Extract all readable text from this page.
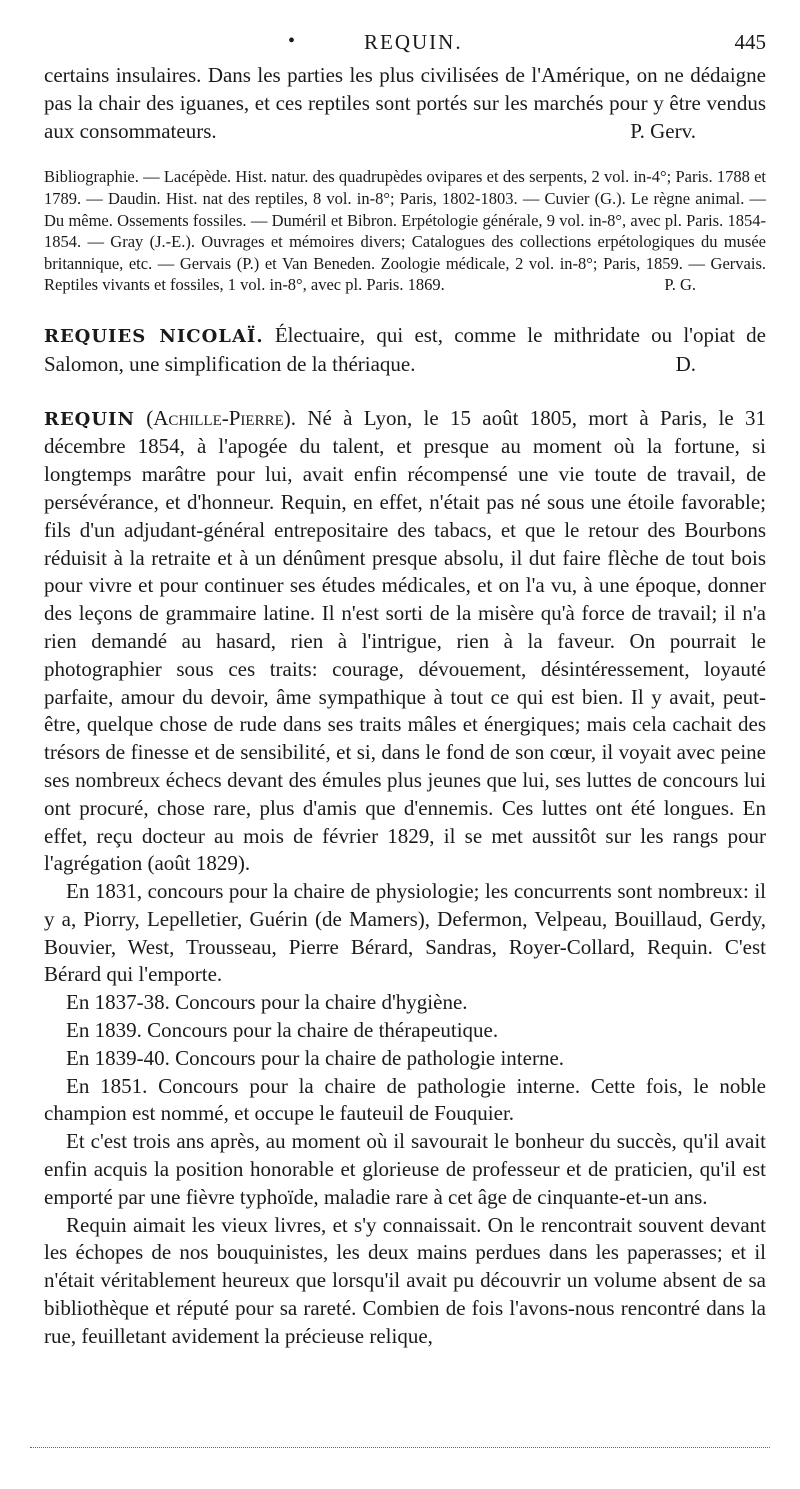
•	REQUIN.	445

certains insulaires. Dans les parties les plus civilisées de l'Amérique, on ne dédaigne pas la chair des iguanes, et ces reptiles sont portés sur les marchés pour y être vendus aux consommateurs.	P. Gerv.

Bibliographie. — Lacépède. Hist. natur. des quadrupèdes ovipares et des serpents, 2 vol. in-4°; Paris. 1788 et 1789. — Daudin. Hist. nat des reptiles, 8 vol. in-8°; Paris, 1802-1803. — Cuvier (G.). Le règne animal. — Du même. Ossements fossiles. — Duméril et Bibron. Erpétologie générale, 9 vol. in-8°, avec pl. Paris. 1854-1854. — Gray (J.-E.). Ouvrages et mémoires divers; Catalogues des collections erpétologiques du musée britannique, etc. — Gervais (P.) et Van Beneden. Zoologie médicale, 2 vol. in-8°; Paris, 1859. — Gervais. Reptiles vivants et fossiles, 1 vol. in-8°, avec pl. Paris. 1869.	P. G.

REQUIES NICOLAÏ. Électuaire, qui est, comme le mithridate ou l'opiat de Salomon, une simplification de la thériaque.	D.

REQUIN (Achille-Pierre). Né à Lyon, le 15 août 1805, mort à Paris, le 31 décembre 1854, à l'apogée du talent, et presque au moment où la fortune, si longtemps marâtre pour lui, avait enfin récompensé une vie toute de travail, de persévérance, et d'honneur. Requin, en effet, n'était pas né sous une étoile favorable; fils d'un adjudant-général entrepositaire des tabacs, et que le retour des Bourbons réduisit à la retraite et à un dénûment presque absolu, il dut faire flèche de tout bois pour vivre et pour continuer ses études médicales, et on l'a vu, à une époque, donner des leçons de grammaire latine. Il n'est sorti de la misère qu'à force de travail; il n'a rien demandé au hasard, rien à l'intrigue, rien à la faveur. On pourrait le photographier sous ces traits: courage, dévouement, désintéressement, loyauté parfaite, amour du devoir, âme sympathique à tout ce qui est bien. Il y avait, peut-être, quelque chose de rude dans ses traits mâles et énergiques; mais cela cachait des trésors de finesse et de sensibilité, et si, dans le fond de son cœur, il voyait avec peine ses nombreux échecs devant des émules plus jeunes que lui, ses luttes de concours lui ont procuré, chose rare, plus d'amis que d'ennemis. Ces luttes ont été longues. En effet, reçu docteur au mois de février 1829, il se met aussitôt sur les rangs pour l'agrégation (août 1829).

En 1831, concours pour la chaire de physiologie; les concurrents sont nombreux: il y a, Piorry, Lepelletier, Guérin (de Mamers), Defermon, Velpeau, Bouillaud, Gerdy, Bouvier, West, Trousseau, Pierre Bérard, Sandras, Royer-Collard, Requin. C'est Bérard qui l'emporte.

En 1837-38. Concours pour la chaire d'hygiène.

En 1839. Concours pour la chaire de thérapeutique.

En 1839-40. Concours pour la chaire de pathologie interne.

En 1851. Concours pour la chaire de pathologie interne. Cette fois, le noble champion est nommé, et occupe le fauteuil de Fouquier.

Et c'est trois ans après, au moment où il savourait le bonheur du succès, qu'il avait enfin acquis la position honorable et glorieuse de professeur et de praticien, qu'il est emporté par une fièvre typhoïde, maladie rare à cet âge de cinquante-et-un ans.

Requin aimait les vieux livres, et s'y connaissait. On le rencontrait souvent devant les échopes de nos bouquinistes, les deux mains perdues dans les paperasses; et il n'était véritablement heureux que lorsqu'il avait pu découvrir un volume absent de sa bibliothèque et réputé pour sa rareté. Combien de fois l'avons-nous rencontré dans la rue, feuilletant avidement la précieuse relique,
